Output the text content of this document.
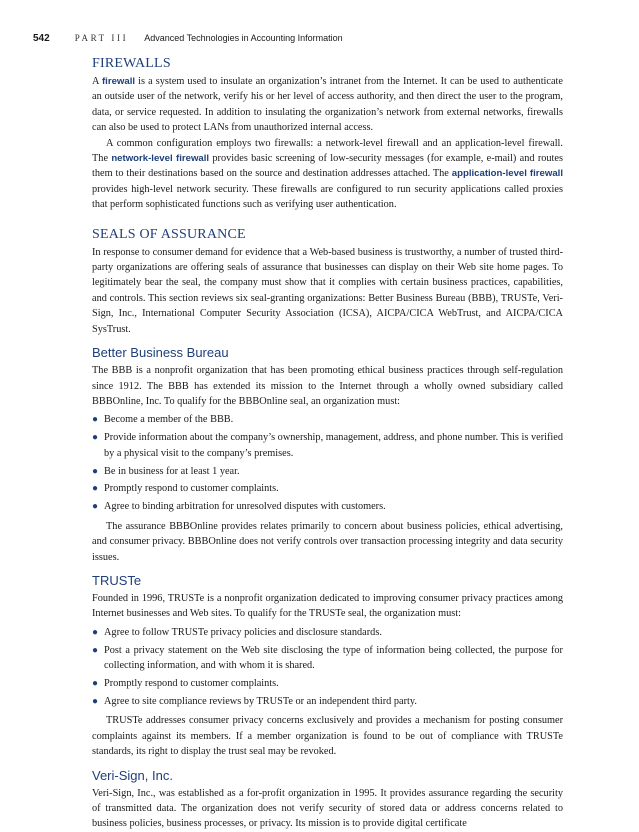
542	PART III Advanced Technologies in Accounting Information
FIREWALLS

A firewall is a system used to insulate an organization’s intranet from the Internet. It can be used to authenticate an outside user of the network, verify his or her level of access authority, and then direct the user to the program, data, or service requested. In addition to insulating the organization’s network from external networks, firewalls can also be used to protect LANs from unauthorized internal access.

A common configuration employs two firewalls: a network-level firewall and an application-level firewall. The network-level firewall provides basic screening of low-security messages (for example, e-mail) and routes them to their destinations based on the source and destination addresses attached. The application-level firewall provides high-level network security. These firewalls are configured to run security applications called proxies that perform sophisticated functions such as verifying user authentication.

SEALS OF ASSURANCE

In response to consumer demand for evidence that a Web-based business is trustworthy, a number of trusted third-party organizations are offering seals of assurance that businesses can display on their Web site home pages. To legitimately bear the seal, the company must show that it complies with certain business practices, capabilities, and controls. This section reviews six seal-granting organizations: Better Business Bureau (BBB), TRUSTe, Veri-Sign, Inc., International Computer Security Association (ICSA), AICPA/CICA WebTrust, and AICPA/CICA SysTrust.

Better Business Bureau

The BBB is a nonprofit organization that has been promoting ethical business practices through self-regulation since 1912. The BBB has extended its mission to the Internet through a wholly owned subsidiary called BBBOnline, Inc. To qualify for the BBBOnline seal, an organization must:

● Become a member of the BBB.
● Provide information about the company’s ownership, management, address, and phone number. This is verified by a physical visit to the company’s premises.
● Be in business for at least 1 year.
● Promptly respond to customer complaints.
● Agree to binding arbitration for unresolved disputes with customers.

The assurance BBBOnline provides relates primarily to concern about business policies, ethical advertising, and consumer privacy. BBBOnline does not verify controls over transaction processing integrity and data security issues.

TRUSTe

Founded in 1996, TRUSTe is a nonprofit organization dedicated to improving consumer privacy practices among Internet businesses and Web sites. To qualify for the TRUSTe seal, the organization must:

● Agree to follow TRUSTe privacy policies and disclosure standards.
● Post a privacy statement on the Web site disclosing the type of information being collected, the purpose for collecting information, and with whom it is shared.
● Promptly respond to customer complaints.
● Agree to site compliance reviews by TRUSTe or an independent third party.

TRUSTe addresses consumer privacy concerns exclusively and provides a mechanism for posting consumer complaints against its members. If a member organization is found to be out of compliance with TRUSTe standards, its right to display the trust seal may be revoked.

Veri-Sign, Inc.

Veri-Sign, Inc., was established as a for-profit organization in 1995. It provides assurance regarding the security of transmitted data. The organization does not verify security of stored data or address concerns related to business policies, business processes, or privacy. Its mission is to provide digital certificate
